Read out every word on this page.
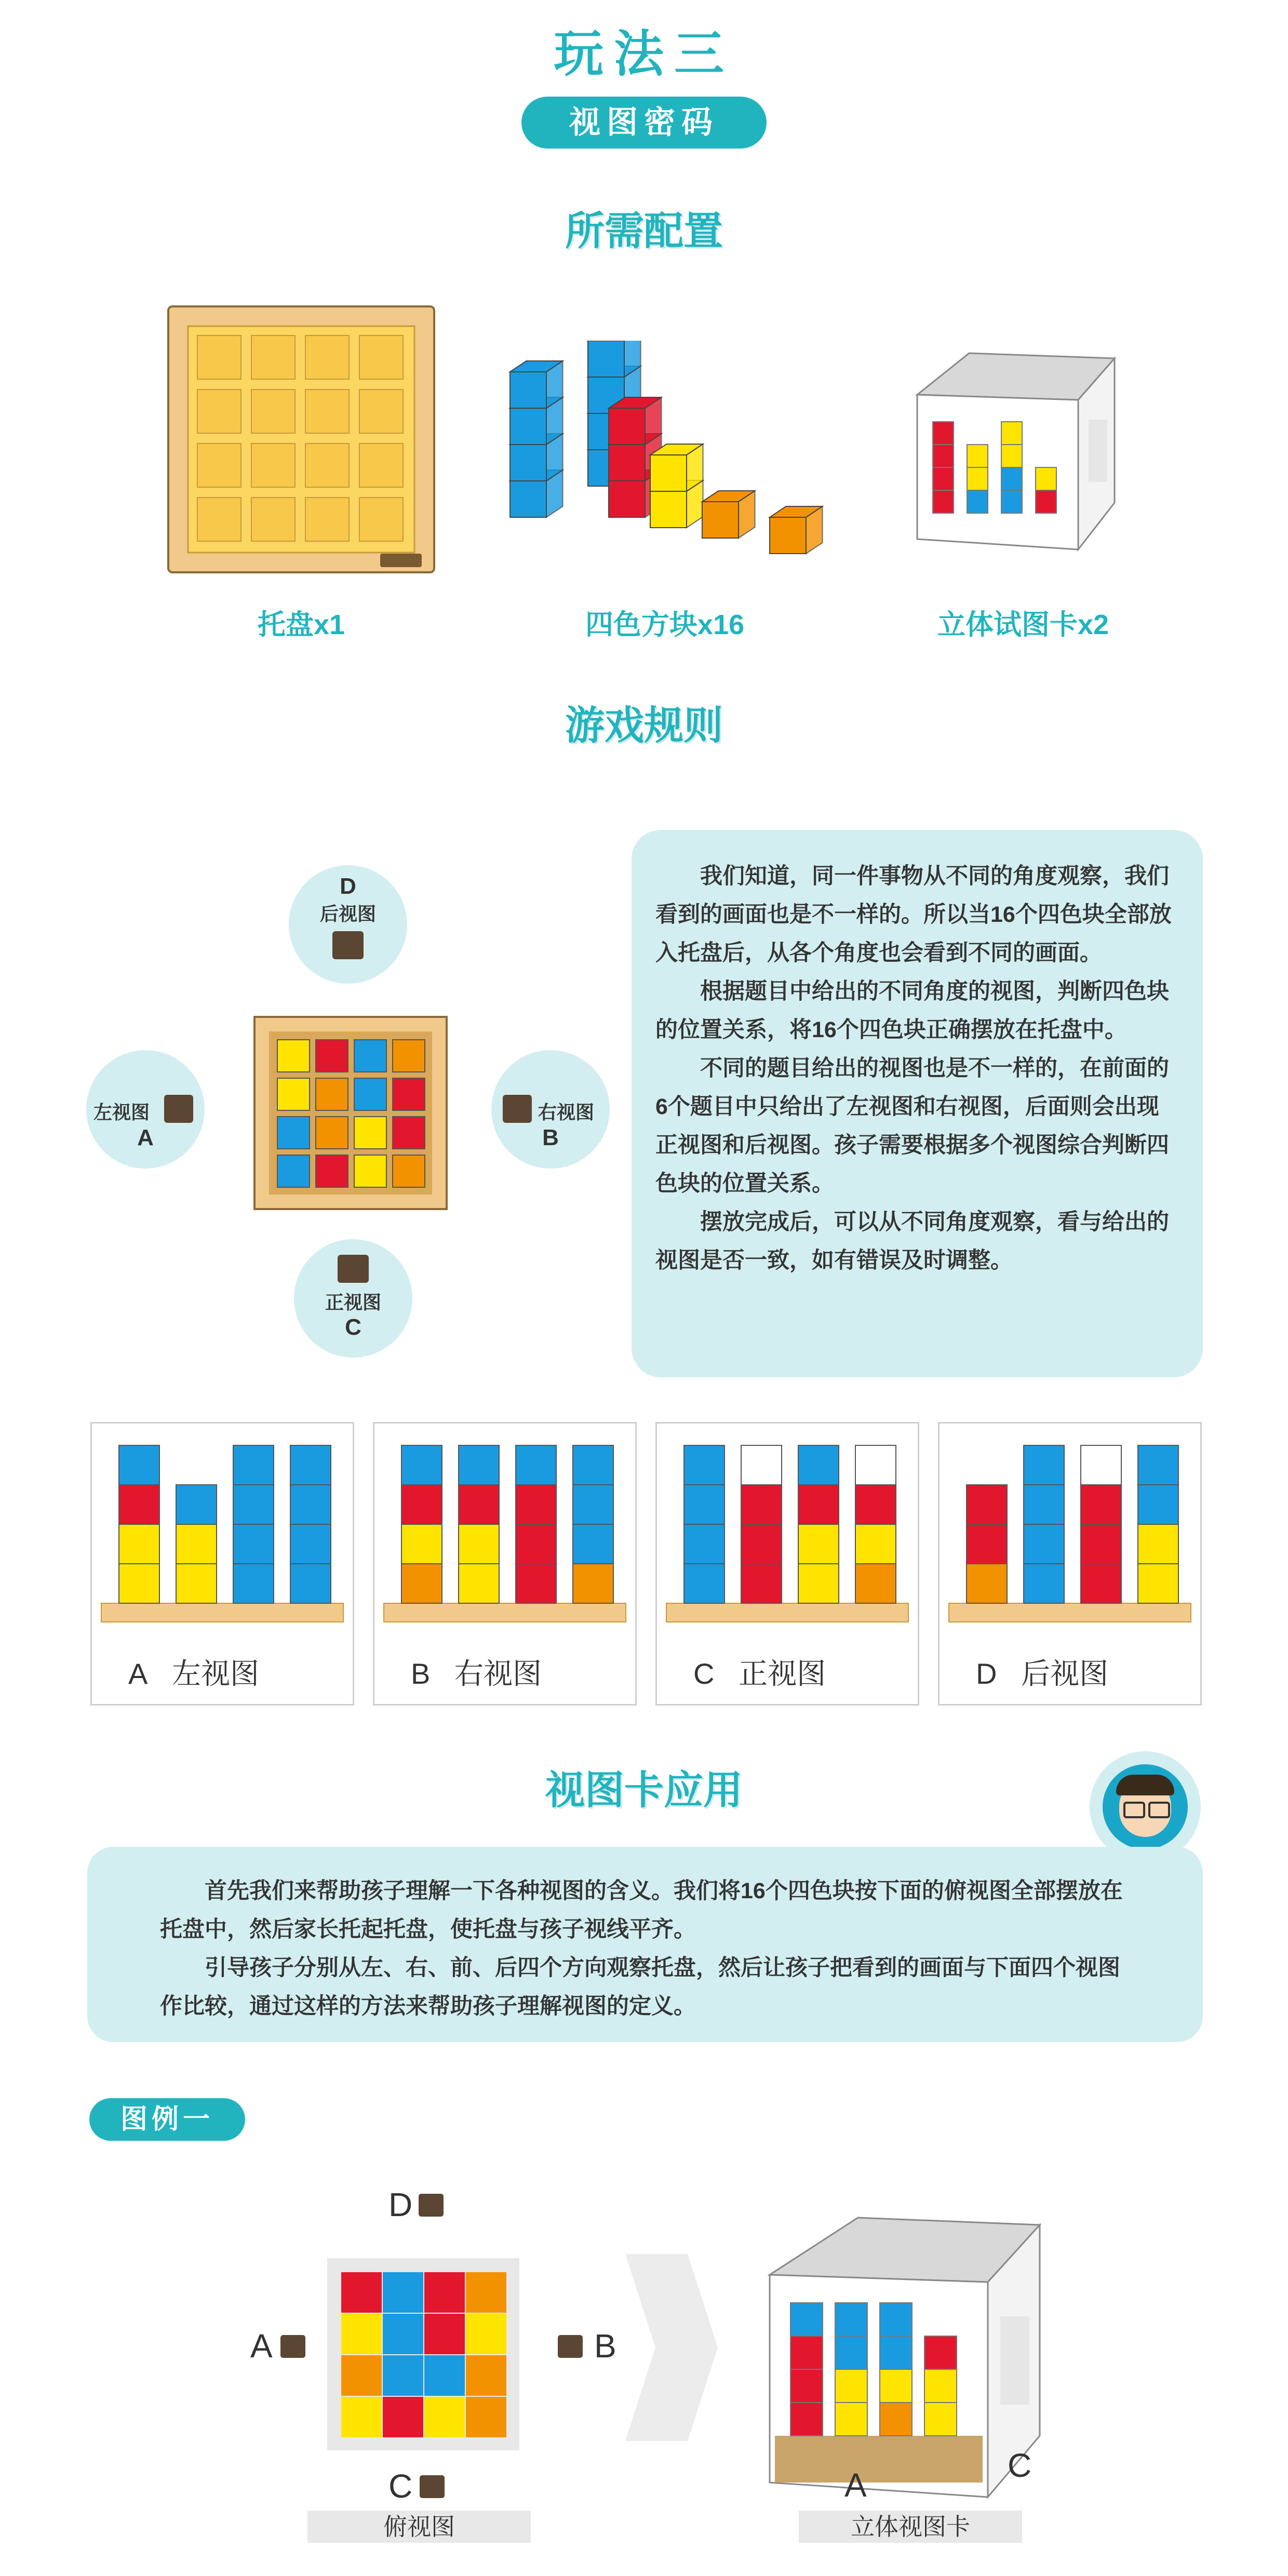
玩法三
视图密码
所需配置
托盘x1	四色方块x16	立体试图卡x2
游戏规则
D
后视图
左视图
A
右视图
B
正视图
C

我们知道，同一件事物从不同的角度观察，我们看到的画面也是不一样的。所以当16个四色块全部放入托盘后，从各个角度也会看到不同的画面。

根据题目中给出的不同角度的视图，判断四色块的位置关系，将16个四色块正确摆放在托盘中。

不同的题目给出的视图也是不一样的，在前面的6个题目中只给出了左视图和右视图，后面则会出现正视图和后视图。孩子需要根据多个视图综合判断四色块的位置关系。

摆放完成后，可以从不同角度观察，看与给出的视图是否一致，如有错误及时调整。

A 左视图	B 右视图	C 正视图	D 后视图
视图卡应用

首先我们来帮助孩子理解一下各种视图的含义。我们将16个四色块按下面的俯视图全部摆放在托盘中，然后家长托起托盘，使托盘与孩子视线平齐。

引导孩子分别从左、右、前、后四个方向观察托盘，然后让孩子把看到的画面与下面四个视图作比较，通过这样的方法来帮助孩子理解视图的定义。

图例一
D
A	B
C
俯视图
A
C
立体视图卡
